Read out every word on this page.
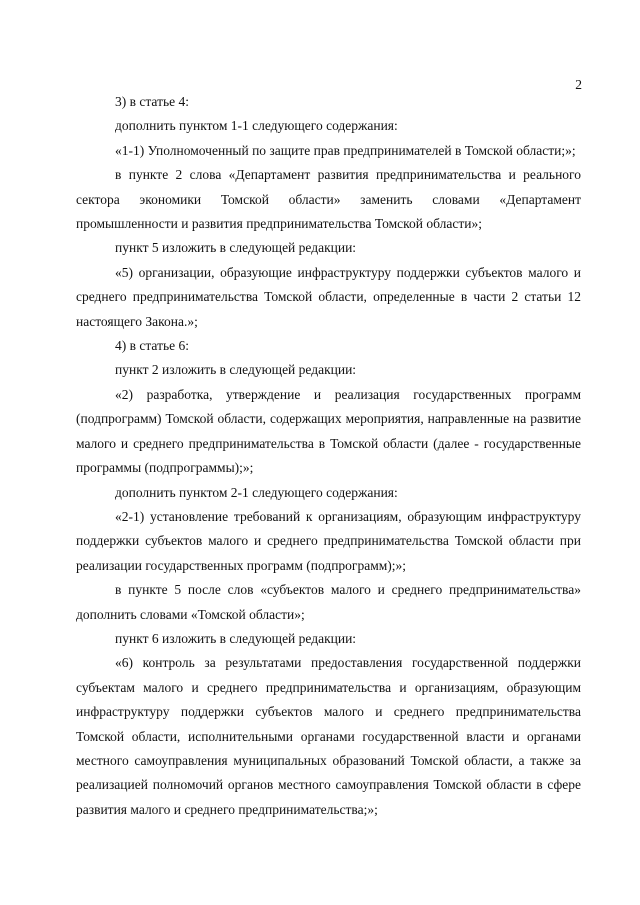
2

3) в статье 4:

дополнить пунктом 1-1 следующего содержания:

«1-1) Уполномоченный по защите прав предпринимателей в Томской области;»;

в пункте 2 слова «Департамент развития предпринимательства и реального сектора экономики Томской области» заменить словами «Департамент промышленности и развития предпринимательства Томской области»;

пункт 5 изложить в следующей редакции:

«5) организации, образующие инфраструктуру поддержки субъектов малого и среднего предпринимательства Томской области, определенные в части 2 статьи 12 настоящего Закона.»;

4) в статье 6:

пункт 2 изложить в следующей редакции:

«2) разработка, утверждение и реализация государственных программ (подпрограмм) Томской области, содержащих мероприятия, направленные на развитие малого и среднего предпринимательства в Томской области (далее - государственные программы (подпрограммы);»;

дополнить пунктом 2-1 следующего содержания:

«2-1) установление требований к организациям, образующим инфраструктуру поддержки субъектов малого и среднего предпринимательства Томской области при реализации государственных программ (подпрограмм);»;

в пункте 5 после слов «субъектов малого и среднего предпринимательства» дополнить словами «Томской области»;

пункт 6 изложить в следующей редакции:

«6) контроль за результатами предоставления государственной поддержки субъектам малого и среднего предпринимательства и организациям, образующим инфраструктуру поддержки субъектов малого и среднего предпринимательства Томской области, исполнительными органами государственной власти и органами местного самоуправления муниципальных образований Томской области, а также за реализацией полномочий органов местного самоуправления Томской области в сфере развития малого и среднего предпринимательства;»;
